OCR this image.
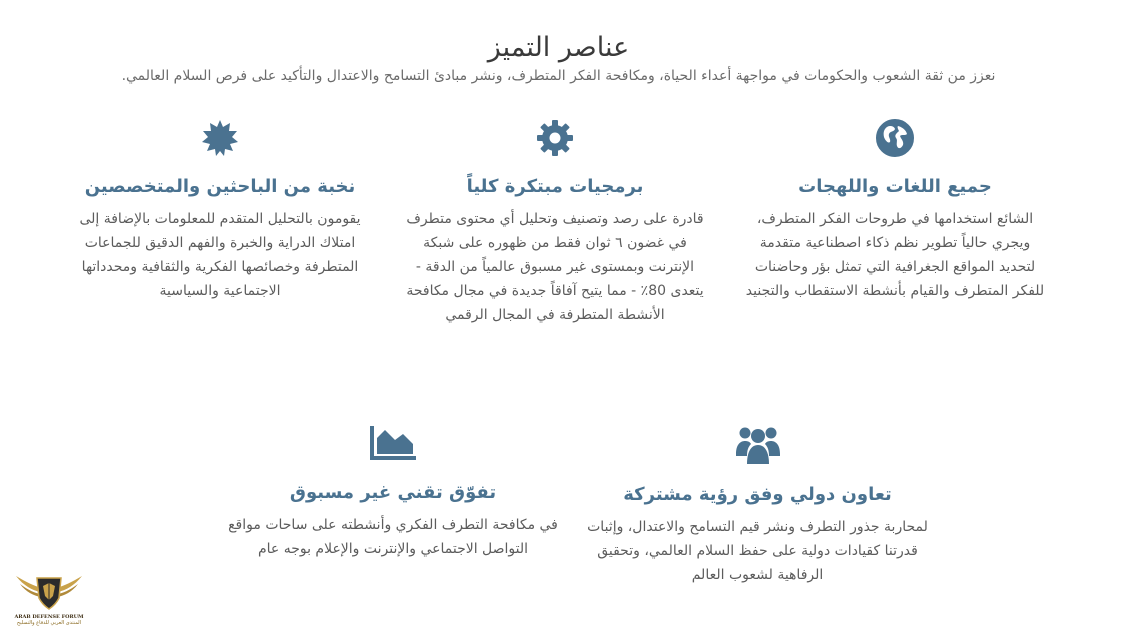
عناصر التميز

نعزز من ثقة الشعوب والحكومات في مواجهة أعداء الحياة، ومكافحة الفكر المتطرف، ونشر مبادئ التسامح والاعتدال والتأكيد على فرص السلام العالمي.

جميع اللغات واللهجات

الشائع استخدامها في طروحات الفكر المتطرف، ويجري حالياً تطوير نظم ذكاء اصطناعية متقدمة لتحديد المواقع الجغرافية التي تمثل بؤر وحاضنات للفكر المتطرف والقيام بأنشطة الاستقطاب والتجنيد

برمجيات مبتكرة كلياً

قادرة على رصد وتصنيف وتحليل أي محتوى متطرف في غضون ٦ ثوان فقط من ظهوره على شبكة الإنترنت وبمستوى غير مسبوق عالمياً من الدقة - يتعدى 80٪ - مما يتيح آفاقاً جديدة في مجال مكافحة الأنشطة المتطرفة في المجال الرقمي

نخبة من الباحثين والمتخصصين

يقومون بالتحليل المتقدم للمعلومات بالإضافة إلى امتلاك الدراية والخبرة والفهم الدقيق للجماعات المتطرفة وخصائصها الفكرية والثقافية ومحدداتها الاجتماعية والسياسية

تعاون دولي وفق رؤية مشتركة

لمحاربة جذور التطرف ونشر قيم التسامح والاعتدال، وإثبات قدرتنا كقيادات دولية على حفظ السلام العالمي، وتحقيق الرفاهية لشعوب العالم

تفوّق تقني غير مسبوق

في مكافحة التطرف الفكري وأنشطته على ساحات مواقع التواصل الاجتماعي والإنترنت والإعلام بوجه عام

ARAB DEFENSE FORUM
المنتدى العربي للدفاع والتسليح
